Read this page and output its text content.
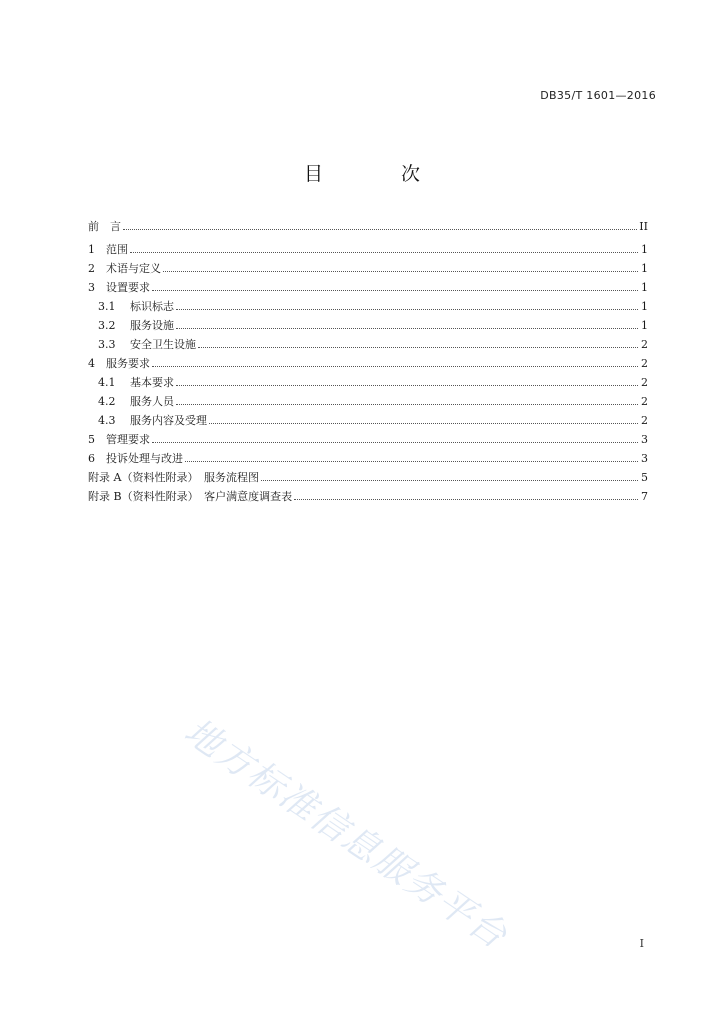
DB35/T 1601—2016
目 次
前　言	II
1	范围	1
2	术语与定义	1
3	设置要求	1
3.1	标识标志	1
3.2	服务设施	1
3.3	安全卫生设施	2
4	服务要求	2
4.1	基本要求	2
4.2	服务人员	2
4.3	服务内容及受理	2
5	管理要求	3
6	投诉处理与改进	3
附录 A（资料性附录）　服务流程图	5
附录 B（资料性附录）　客户满意度调查表	7
地方标准信息服务平台	I
